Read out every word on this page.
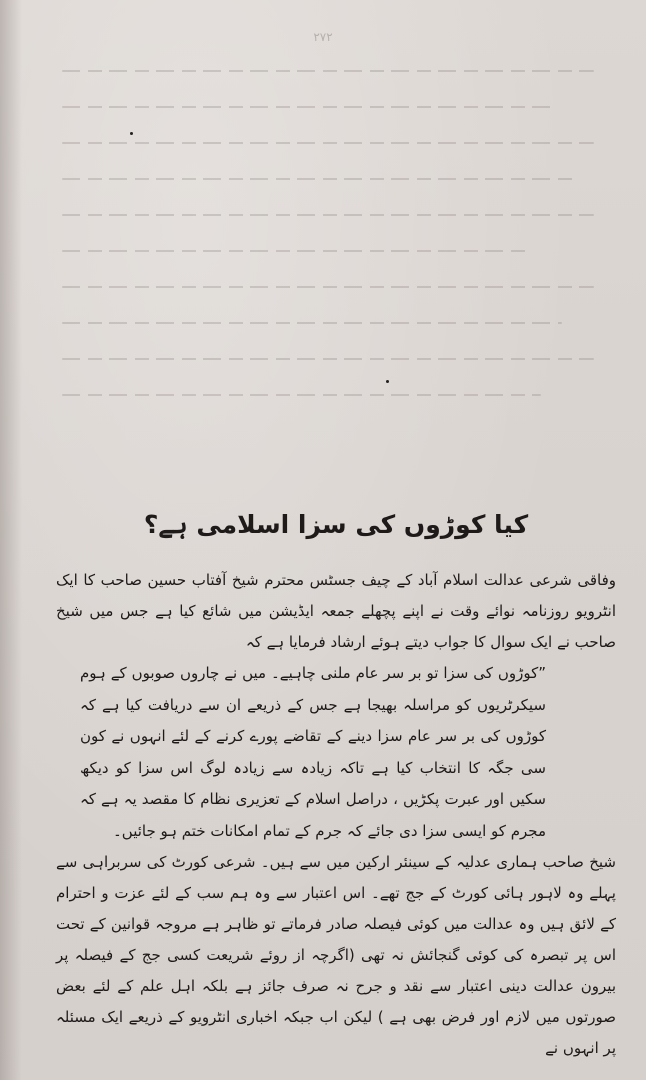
۲۷۲
کیا کوڑوں کی سزا اسلامی ہے؟

وفاقی شرعی عدالت اسلام آباد کے چیف جسٹس محترم شیخ آفتاب حسین صاحب کا ایک انٹرویو روزنامہ نوائے وقت نے اپنے پچھلے جمعہ ایڈیشن میں شائع کیا ہے جس میں شیخ صاحب نے ایک سوال کا جواب دیتے ہوئے ارشاد فرمایا ہے کہ

”کوڑوں کی سزا تو بر سر عام ملنی چاہیے۔ میں نے چاروں صوبوں کے ہوم سیکرٹریوں کو مراسلہ بھیجا ہے جس کے ذریعے ان سے دریافت کیا ہے کہ کوڑوں کی بر سر عام سزا دینے کے تقاضے پورے کرنے کے لئے انہوں نے کون سی جگہ کا انتخاب کیا ہے تاکہ زیادہ سے زیادہ لوگ اس سزا کو دیکھ سکیں اور عبرت پکڑیں ، دراصل اسلام کے تعزیری نظام کا مقصد یہ ہے کہ مجرم کو ایسی سزا دی جائے کہ جرم کے تمام امکانات ختم ہو جائیں۔

شیخ صاحب ہماری عدلیہ کے سینئر ارکین میں سے ہیں۔ شرعی کورٹ کی سربراہی سے پہلے وہ لاہور ہائی کورٹ کے جج تھے۔ اس اعتبار سے وہ ہم سب کے لئے عزت و احترام کے لائق ہیں وہ عدالت میں کوئی فیصلہ صادر فرماتے تو ظاہر ہے مروجہ قوانین کے تحت اس پر تبصرہ کی کوئی گنجائش نہ تھی (اگرچہ از روئے شریعت کسی جج کے فیصلہ پر بیرون عدالت دینی اعتبار سے نقد و جرح نہ صرف جائز ہے بلکہ اہل علم کے لئے بعض صورتوں میں لازم اور فرض بھی ہے ) لیکن اب جبکہ اخباری انٹرویو کے ذریعے ایک مسئلہ پر انہوں نے
